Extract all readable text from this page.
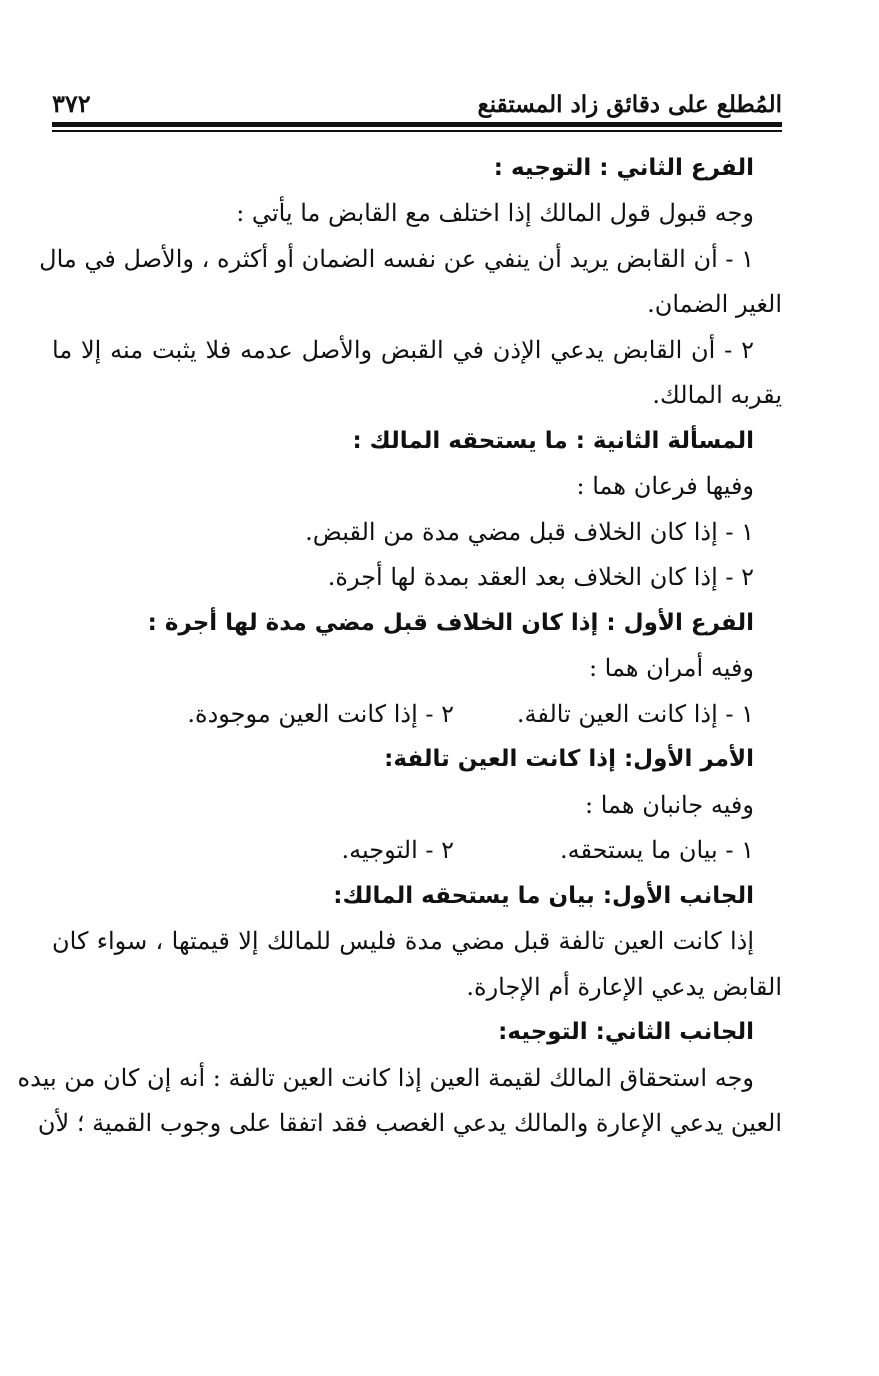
المُطلع على دقائق زاد المستقنع
٣٧٢
الفرع الثاني : التوجيه :
وجه قبول قول المالك إذا اختلف مع القابض ما يأتي :
١ - أن القابض يريد أن ينفي عن نفسه الضمان أو أكثره ، والأصل في مال
الغير الضمان.
٢ - أن القابض يدعي الإذن في القبض والأصل عدمه فلا يثبت منه إلا ما
يقربه المالك.
المسألة الثانية : ما يستحقه المالك :
وفيها فرعان هما :
١ - إذا كان الخلاف قبل مضي مدة من القبض.
٢ - إذا كان الخلاف بعد العقد بمدة لها أجرة.
الفرع الأول : إذا كان الخلاف قبل مضي مدة لها أجرة :
وفيه أمران هما :
١ - إذا كانت العين تالفة.
٢ - إذا كانت العين موجودة.
الأمر الأول: إذا كانت العين تالفة:
وفيه جانبان هما :
١ - بيان ما يستحقه.
٢ - التوجيه.
الجانب الأول: بيان ما يستحقه المالك:
إذا كانت العين تالفة قبل مضي مدة فليس للمالك إلا قيمتها ، سواء كان
القابض يدعي الإعارة أم الإجارة.
الجانب الثاني: التوجيه:
وجه استحقاق المالك لقيمة العين إذا كانت العين تالفة : أنه إن كان من بيده
العين يدعي الإعارة والمالك يدعي الغصب فقد اتفقا على وجوب القمية ؛ لأن
